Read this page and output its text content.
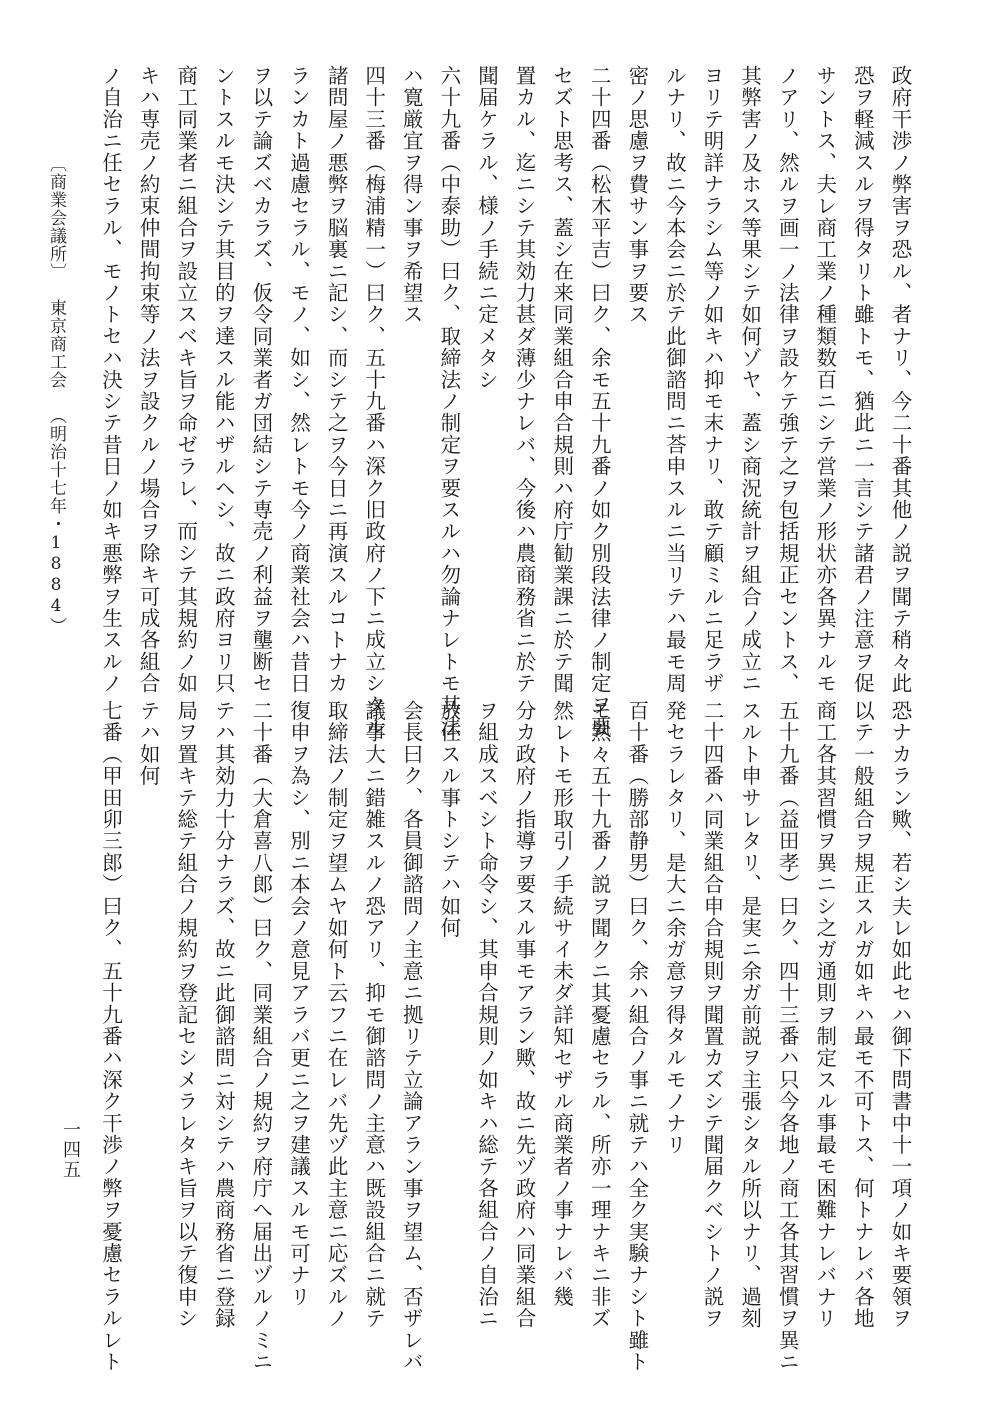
政府干渉ノ弊害ヲ恐ル、者ナリ、今二十番其他ノ説ヲ聞テ稍々此

恐ヲ軽減スルヲ得タリト雖トモ、猶此ニ一言シテ諸君ノ注意ヲ促

サントス、夫レ商工業ノ種類数百ニシテ営業ノ形状亦各異ナルモ

ノアリ、然ルヲ画一ノ法律ヲ設ケテ強テ之ヲ包括規正セントス、

其弊害ノ及ホス等果シテ如何ゾヤ、蓋シ商況統計ヲ組合ノ成立ニ

ヨリテ明詳ナラシム等ノ如キハ抑モ末ナリ、敢テ顧ミルニ足ラザ

ルナリ、故ニ今本会ニ於テ此御諮問ニ荅申スルニ当リテハ最モ周

密ノ思慮ヲ費サン事ヲ要ス

二十四番（松木平吉）曰ク、余モ五十九番ノ如ク別段法律ノ制定ヲ要

セズト思考ス、蓋シ在来同業組合申合規則ハ府庁勧業課ニ於テ聞

置カル、迄ニシテ其効力甚ダ薄少ナレバ、今後ハ農商務省ニ於テ

聞届ケラル、様ノ手続ニ定メタシ

六十九番（中泰助）曰ク、取締法ノ制定ヲ要スルハ勿論ナレトモ其法

ハ寛厳宜ヲ得ン事ヲ希望ス

四十三番（梅浦精一）曰ク、五十九番ハ深ク旧政府ノ下ニ成立シタル

諸問屋ノ悪弊ヲ脳裏ニ記シ、而シテ之ヲ今日ニ再演スルコトナカ

ランカト過慮セラル、モノ、如シ、然レトモ今ノ商業社会ハ昔日

ヲ以テ論ズベカラズ、仮令同業者ガ団結シテ専売ノ利益ヲ壟断セ

ントスルモ決シテ其目的ヲ達スル能ハザルヘシ、故ニ政府ヨリ只

商工同業者ニ組合ヲ設立スベキ旨ヲ命ゼラレ、而シテ其規約ノ如

キハ専売ノ約束仲間拘束等ノ法ヲ設クルノ場合ヲ除キ可成各組合

ノ自治ニ任セラル、モノトセハ決シテ昔日ノ如キ悪弊ヲ生スルノ

恐ナカラン歟、若シ夫レ如此セハ御下問書中十一項ノ如キ要領ヲ

以テ一般組合ヲ規正スルガ如キハ最モ不可トス、何トナレバ各地

商工各其習慣ヲ異ニシ之ガ通則ヲ制定スル事最モ困難ナレバナリ

五十九番（益田孝）曰ク、四十三番ハ只今各地ノ商工各其習慣ヲ異ニ

スルト申サレタリ、是実ニ余ガ前説ヲ主張シタル所以ナリ、過刻

二十四番ハ同業組合申合規則ヲ聞置カズシテ聞届クベシトノ説ヲ

発セラレタリ、是大ニ余ガ意ヲ得タルモノナリ

百十番（勝部静男）曰ク、余ハ組合ノ事ニ就テハ全ク実験ナシト雖ト

モ熟々五十九番ノ説ヲ聞クニ其憂慮セラル、所亦一理ナキニ非ズ

然レトモ形取引ノ手続サイ未ダ詳知セザル商業者ノ事ナレバ幾

分カ政府ノ指導ヲ要スル事モアラン歟、故ニ先ヅ政府ハ同業組合

ヲ組成スベシト命令シ、其申合規則ノ如キハ総テ各組合ノ自治ニ

放任スル事トシテハ如何

会長曰ク、各員御諮問ノ主意ニ拠リテ立論アラン事ヲ望ム、否ザレバ

議事大ニ錯雑スルノ恐アリ、抑モ御諮問ノ主意ハ既設組合ニ就テ

取締法ノ制定ヲ望ムヤ如何ト云フニ在レバ先ヅ此主意ニ応ズルノ

復申ヲ為シ、別ニ本会ノ意見アラバ更ニ之ヲ建議スルモ可ナリ

二十番（大倉喜八郎）曰ク、同業組合ノ規約ヲ府庁へ届出ヅルノミニ

テハ其効力十分ナラズ、故ニ此御諮問ニ対シテハ農商務省ニ登録

局ヲ置キテ総テ組合ノ規約ヲ登記セシメラレタキ旨ヲ以テ復申シ

テハ如何

七番（甲田卯三郎）曰ク、五十九番ハ深ク干渉ノ弊ヲ憂慮セラルレト

〔商業会議所〕東京商工会（明治十七年・1884）
一四五
